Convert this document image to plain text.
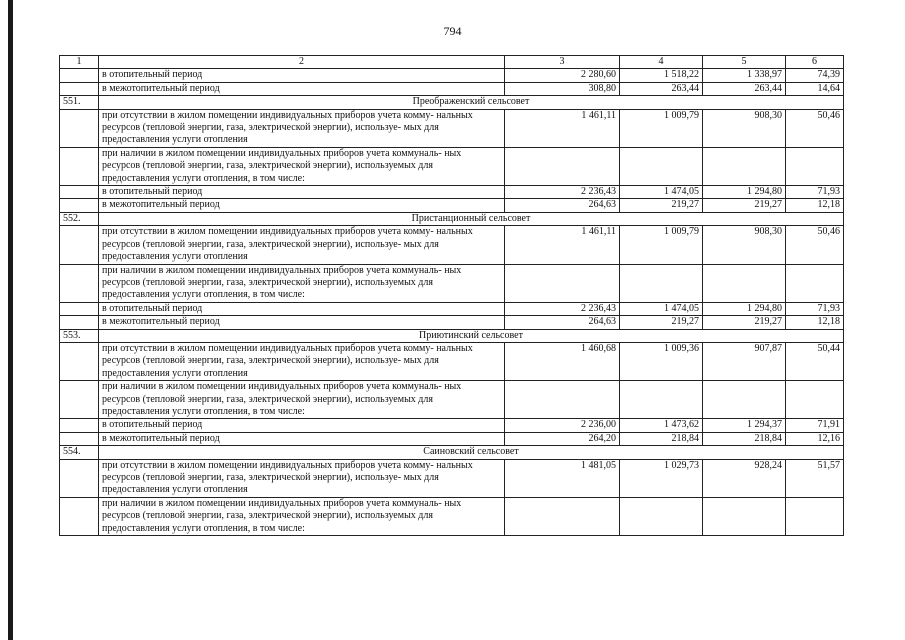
794
1	2	3	4	5	6
	в отопительный период	2 280,60	1 518,22	1 338,97	74,39
	в межотопительный период	308,80	263,44	263,44	14,64
551.	Преображенский сельсовет				
	при отсутствии в жилом помещении индивидуальных приборов учета комму- нальных ресурсов (тепловой энергии, газа, электрической энергии), используе- мых для предоставления услуги отопления	1 461,11	1 009,79	908,30	50,46
	при наличии в жилом помещении индивидуальных приборов учета коммуналь- ных ресурсов (тепловой энергии, газа, электрической энергии), используемых для предоставления услуги отопления, в том числе:				
	в отопительный период	2 236,43	1 474,05	1 294,80	71,93
	в межотопительный период	264,63	219,27	219,27	12,18
552.	Пристанционный сельсовет				
	при отсутствии в жилом помещении индивидуальных приборов учета комму- нальных ресурсов (тепловой энергии, газа, электрической энергии), используе- мых для предоставления услуги отопления	1 461,11	1 009,79	908,30	50,46
	при наличии в жилом помещении индивидуальных приборов учета коммуналь- ных ресурсов (тепловой энергии, газа, электрической энергии), используемых для предоставления услуги отопления, в том числе:				
	в отопительный период	2 236,43	1 474,05	1 294,80	71,93
	в межотопительный период	264,63	219,27	219,27	12,18
553.	Приютинский сельсовет				
	при отсутствии в жилом помещении индивидуальных приборов учета комму- нальных ресурсов (тепловой энергии, газа, электрической энергии), используе- мых для предоставления услуги отопления	1 460,68	1 009,36	907,87	50,44
	при наличии в жилом помещении индивидуальных приборов учета коммуналь- ных ресурсов (тепловой энергии, газа, электрической энергии), используемых для предоставления услуги отопления, в том числе:				
	в отопительный период	2 236,00	1 473,62	1 294,37	71,91
	в межотопительный период	264,20	218,84	218,84	12,16
554.	Саиновский сельсовет				
	при отсутствии в жилом помещении индивидуальных приборов учета комму- нальных ресурсов (тепловой энергии, газа, электрической энергии), используе- мых для предоставления услуги отопления	1 481,05	1 029,73	928,24	51,57
	при наличии в жилом помещении индивидуальных приборов учета коммуналь- ных ресурсов (тепловой энергии, газа, электрической энергии), используемых для предоставления услуги отопления, в том числе:				
